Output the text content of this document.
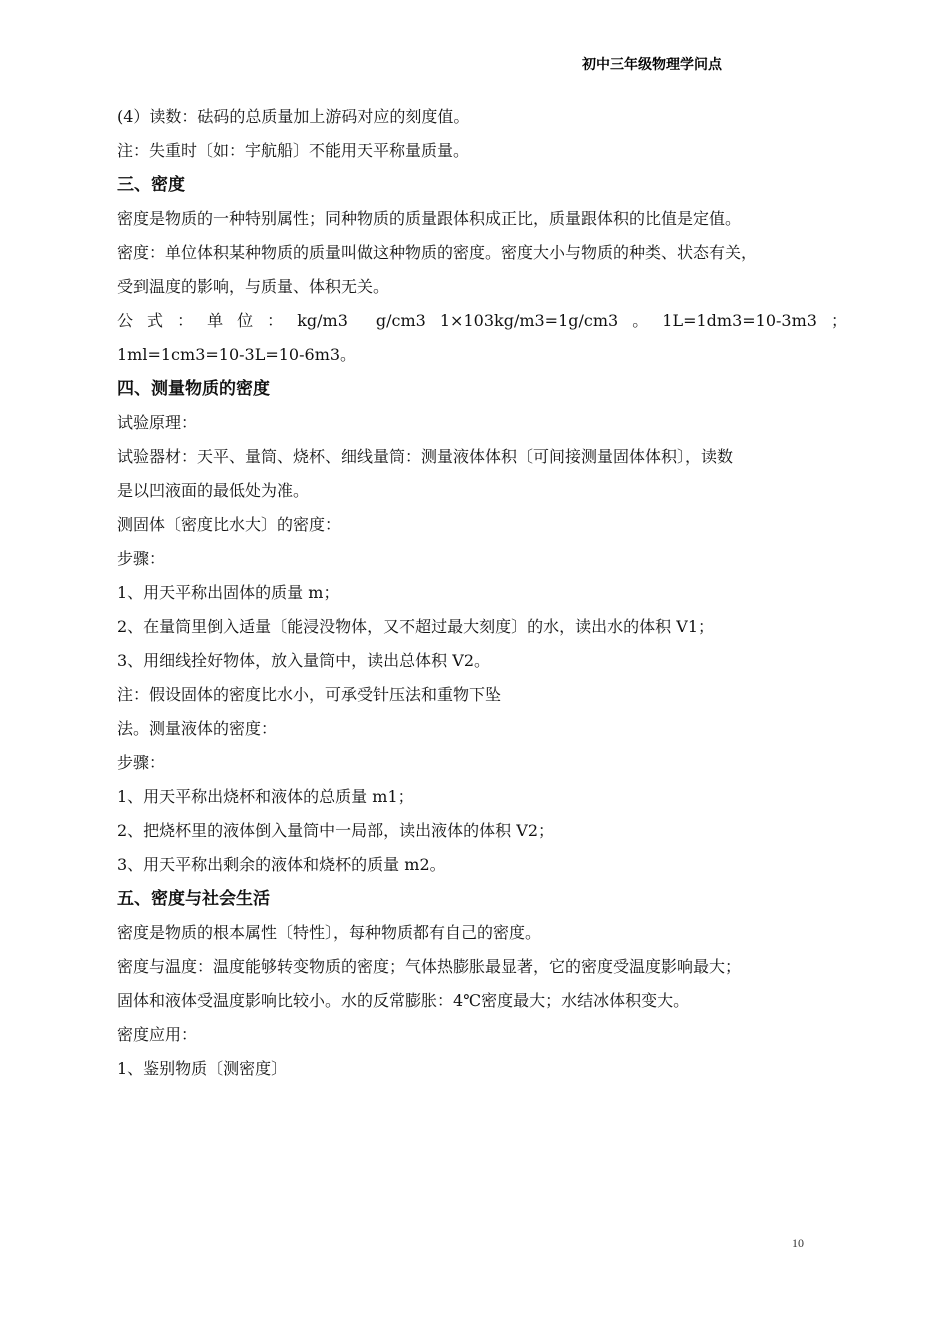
初中三年级物理学问点
(4）读数：砝码的总质量加上游码对应的刻度值。
注：失重时〔如：宇航船〕不能用天平称量质量。
三、密度
密度是物质的一种特别属性；同种物质的质量跟体积成正比，质量跟体积的比值是定值。
密度：单位体积某种物质的质量叫做这种物质的密度。密度大小与物质的种类、状态有关，
受到温度的影响，与质量、体积无关。
公 式 ： 单 位 ： kg/m3 g/cm3 1×103kg/m3=1g/cm3 。 1L=1dm3=10-3m3 ；
1ml=1cm3=10-3L=10-6m3。
四、测量物质的密度
试验原理：
试验器材：天平、量筒、烧杯、细线量筒：测量液体体积〔可间接测量固体体积〕，读数
是以凹液面的最低处为准。
测固体〔密度比水大〕的密度：
步骤：
1、用天平称出固体的质量 m；
2、在量筒里倒入适量〔能浸没物体，又不超过最大刻度〕的水，读出水的体积 V1；
3、用细线拴好物体，放入量筒中，读出总体积 V2。
注：假设固体的密度比水小，可承受针压法和重物下坠
法。测量液体的密度：
步骤：
1、用天平称出烧杯和液体的总质量 m1；
2、把烧杯里的液体倒入量筒中一局部，读出液体的体积 V2；
3、用天平称出剩余的液体和烧杯的质量 m2。
五、密度与社会生活
密度是物质的根本属性〔特性〕，每种物质都有自己的密度。
密度与温度：温度能够转变物质的密度；气体热膨胀最显著，它的密度受温度影响最大；
固体和液体受温度影响比较小。水的反常膨胀：4℃密度最大；水结冰体积变大。
密度应用：
1、鉴别物质〔测密度〕
10
